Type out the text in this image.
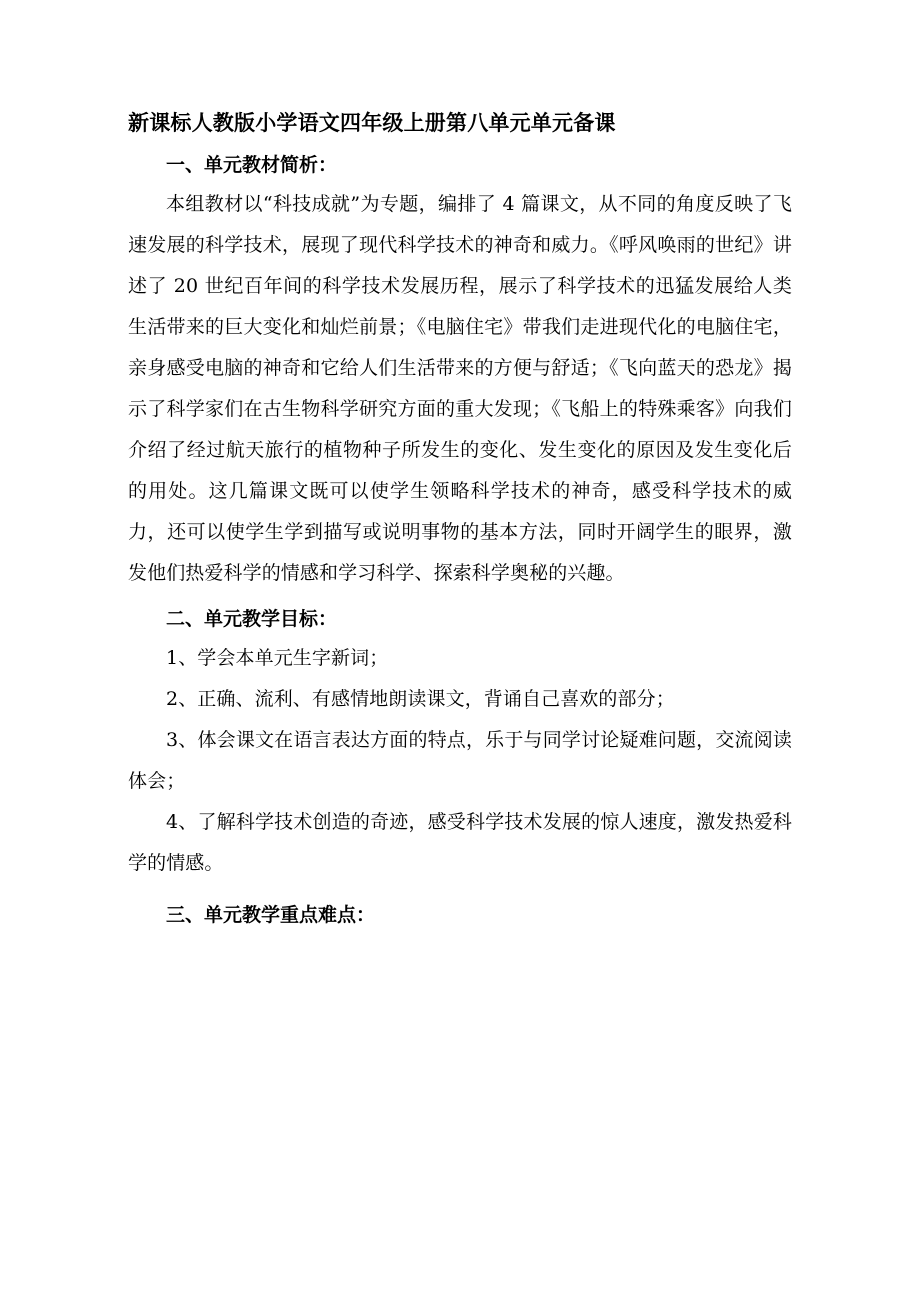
新课标人教版小学语文四年级上册第八单元单元备课
一、单元教材简析：

本组教材以“科技成就”为专题，编排了 4 篇课文，从不同的角度反映了飞速发展的科学技术，展现了现代科学技术的神奇和威力。《呼风唤雨的世纪》讲述了 20 世纪百年间的科学技术发展历程，展示了科学技术的迅猛发展给人类生活带来的巨大变化和灿烂前景；《电脑住宅》带我们走进现代化的电脑住宅，亲身感受电脑的神奇和它给人们生活带来的方便与舒适；《飞向蓝天的恐龙》揭示了科学家们在古生物科学研究方面的重大发现；《飞船上的特殊乘客》向我们介绍了经过航天旅行的植物种子所发生的变化、发生变化的原因及发生变化后的用处。这几篇课文既可以使学生领略科学技术的神奇，感受科学技术的威力，还可以使学生学到描写或说明事物的基本方法，同时开阔学生的眼界，激发他们热爱科学的情感和学习科学、探索科学奥秘的兴趣。

二、单元教学目标：

1、学会本单元生字新词；

2、正确、流利、有感情地朗读课文，背诵自己喜欢的部分；

3、体会课文在语言表达方面的特点，乐于与同学讨论疑难问题，交流阅读体会；

4、了解科学技术创造的奇迹，感受科学技术发展的惊人速度，激发热爱科学的情感。

三、单元教学重点难点：
